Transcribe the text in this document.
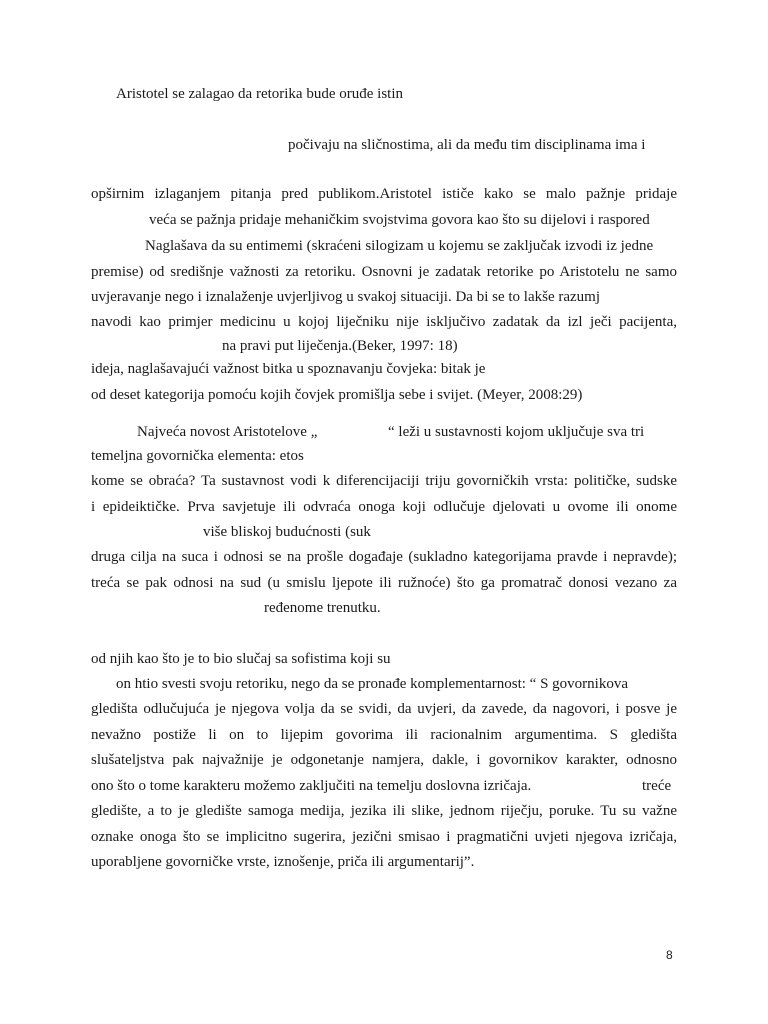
Aristotel se zalagao da retorika bude oruđe istin
počivaju na sličnostima, ali da među tim disciplinama ima i
opširnim izlaganjem pitanja pred publikom.Aristotel ističe kako se malo pažnje pridaje
veća se pažnja pridaje mehaničkim svojstvima govora kao što su dijelovi i raspored
Naglašava da su entimemi (skraćeni silogizam u kojemu se zaključak izvodi iz jedne
premise) od središnje važnosti za retoriku. Osnovni je zadatak retorike po Aristotelu ne samo
uvjeravanje nego i iznalaženje uvjerljivog u svakoj situaciji. Da bi se to lakše razumj
navodi kao primjer medicinu u kojoj liječniku nije isključivo zadatak da izl ječi pacijenta,
na pravi put liječenja.(Beker, 1997: 18)
ideja, naglašavajući važnost bitka u spoznavanju čovjeka: bitak je
od deset kategorija pomoću kojih čovjek promišlja sebe i svijet. (Meyer, 2008:29)
Najveća novost Aristotelove „	“ leži u sustavnosti kojom uključuje sva tri
temeljna govornička elementa: etos
kome se obraća? Ta sustavnost vodi k diferencijaciji triju govorničkih vrsta: političke, sudske
i epideiktičke. Prva savjetuje ili odvraća onoga koji odlučuje djelovati u ovome ili onome
više bliskoj budućnosti (suk
druga cilja na suca i odnosi se na prošle događaje (sukladno kategorijama pravde i nepravde);
treća se pak odnosi na sud (u smislu ljepote ili ružnoće) što ga promatrač donosi vezano za
ređenome trenutku.
od njih kao što je to bio slučaj sa sofistima koji su
on htio svesti svoju retoriku, nego da se pronađe komplementarnost: “ S govornikova
gledišta odlučujuća je njegova volja da se svidi, da uvjeri, da zavede, da nagovori, i posve je
nevažno postiže li on to lijepim govorima ili racionalnim argumentima. S gledišta
slušateljstva pak najvažnije je odgonetanje namjera, dakle, i govornikov karakter, odnosno
ono što o tome karakteru možemo zaključiti na temelju doslovna izričaja.	treće
gledište, a to je gledište samoga medija, jezika ili slike, jednom riječju, poruke. Tu su važne
oznake onoga što se implicitno sugerira, jezični smisao i pragmatični uvjeti njegova izričaja,
uporabljene govorničke vrste, iznošenje, priča ili argumentarij”.
8
